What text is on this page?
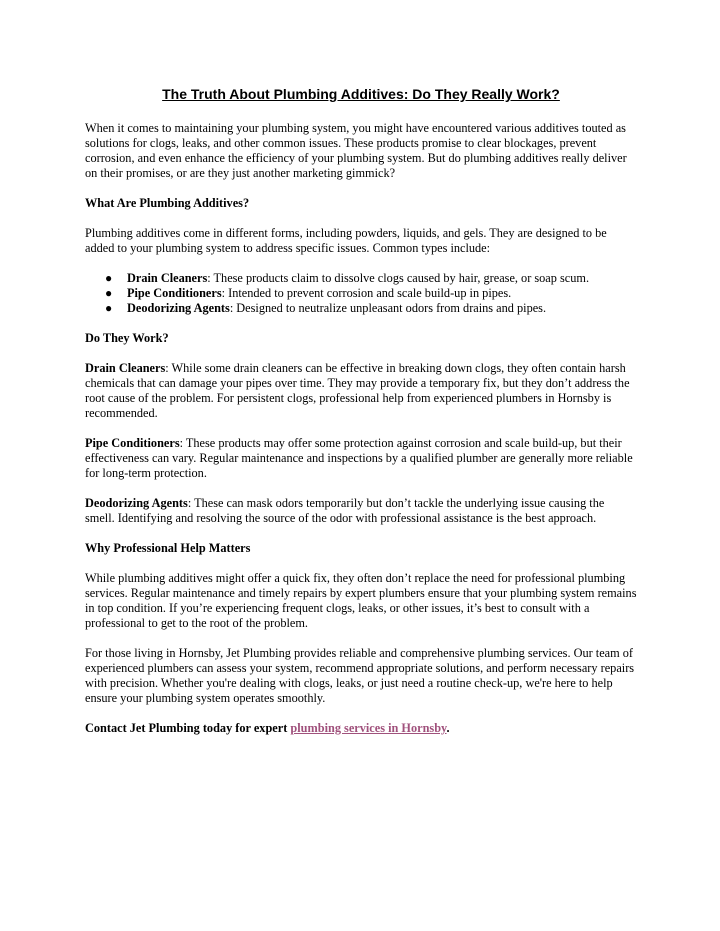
The Truth About Plumbing Additives: Do They Really Work?

When it comes to maintaining your plumbing system, you might have encountered various additives touted as solutions for clogs, leaks, and other common issues. These products promise to clear blockages, prevent corrosion, and even enhance the efficiency of your plumbing system. But do plumbing additives really deliver on their promises, or are they just another marketing gimmick?

What Are Plumbing Additives?

Plumbing additives come in different forms, including powders, liquids, and gels. They are designed to be added to your plumbing system to address specific issues. Common types include:

● Drain Cleaners: These products claim to dissolve clogs caused by hair, grease, or soap scum.
● Pipe Conditioners: Intended to prevent corrosion and scale build-up in pipes.
● Deodorizing Agents: Designed to neutralize unpleasant odors from drains and pipes.
Do They Work?

Drain Cleaners: While some drain cleaners can be effective in breaking down clogs, they often contain harsh chemicals that can damage your pipes over time. They may provide a temporary fix, but they don’t address the root cause of the problem. For persistent clogs, professional help from experienced plumbers in Hornsby is recommended.

Pipe Conditioners: These products may offer some protection against corrosion and scale build-up, but their effectiveness can vary. Regular maintenance and inspections by a qualified plumber are generally more reliable for long-term protection.

Deodorizing Agents: These can mask odors temporarily but don’t tackle the underlying issue causing the smell. Identifying and resolving the source of the odor with professional assistance is the best approach.

Why Professional Help Matters

While plumbing additives might offer a quick fix, they often don’t replace the need for professional plumbing services. Regular maintenance and timely repairs by expert plumbers ensure that your plumbing system remains in top condition. If you’re experiencing frequent clogs, leaks, or other issues, it’s best to consult with a professional to get to the root of the problem.

For those living in Hornsby, Jet Plumbing provides reliable and comprehensive plumbing services. Our team of experienced plumbers can assess your system, recommend appropriate solutions, and perform necessary repairs with precision. Whether you're dealing with clogs, leaks, or just need a routine check-up, we're here to help ensure your plumbing system operates smoothly.

Contact Jet Plumbing today for expert plumbing services in Hornsby.
